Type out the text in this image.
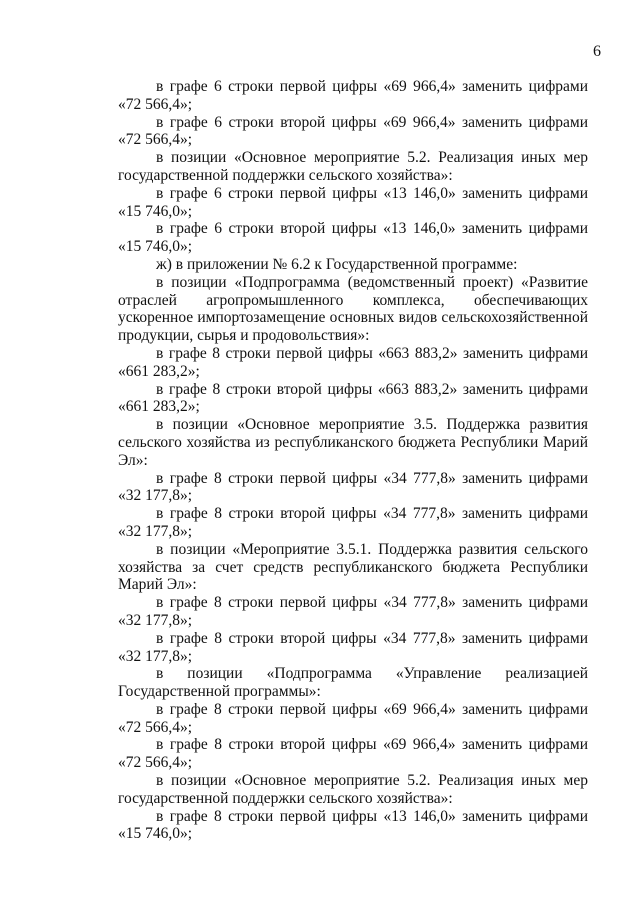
6

в графе 6 строки первой цифры «69 966,4» заменить цифрами «72 566,4»;

в графе 6 строки второй цифры «69 966,4» заменить цифрами «72 566,4»;

в позиции «Основное мероприятие 5.2. Реализация иных мер государственной поддержки сельского хозяйства»:

в графе 6 строки первой цифры «13 146,0» заменить цифрами «15 746,0»;

в графе 6 строки второй цифры «13 146,0» заменить цифрами «15 746,0»;

ж) в приложении № 6.2 к Государственной программе:

в позиции «Подпрограмма (ведомственный проект) «Развитие отраслей агропромышленного комплекса, обеспечивающих ускоренное импортозамещение основных видов сельскохозяйственной продукции, сырья и продовольствия»:

в графе 8 строки первой цифры «663 883,2» заменить цифрами «661 283,2»;

в графе 8 строки второй цифры «663 883,2» заменить цифрами «661 283,2»;

в позиции «Основное мероприятие 3.5. Поддержка развития сельского хозяйства из республиканского бюджета Республики Марий Эл»:

в графе 8 строки первой цифры «34 777,8» заменить цифрами «32 177,8»;

в графе 8 строки второй цифры «34 777,8» заменить цифрами «32 177,8»;

в позиции «Мероприятие 3.5.1. Поддержка развития сельского хозяйства за счет средств республиканского бюджета Республики Марий Эл»:

в графе 8 строки первой цифры «34 777,8» заменить цифрами «32 177,8»;

в графе 8 строки второй цифры «34 777,8» заменить цифрами «32 177,8»;

в позиции «Подпрограмма «Управление реализацией Государственной программы»:

в графе 8 строки первой цифры «69 966,4» заменить цифрами «72 566,4»;

в графе 8 строки второй цифры «69 966,4» заменить цифрами «72 566,4»;

в позиции «Основное мероприятие 5.2. Реализация иных мер государственной поддержки сельского хозяйства»:

в графе 8 строки первой цифры «13 146,0» заменить цифрами «15 746,0»;
